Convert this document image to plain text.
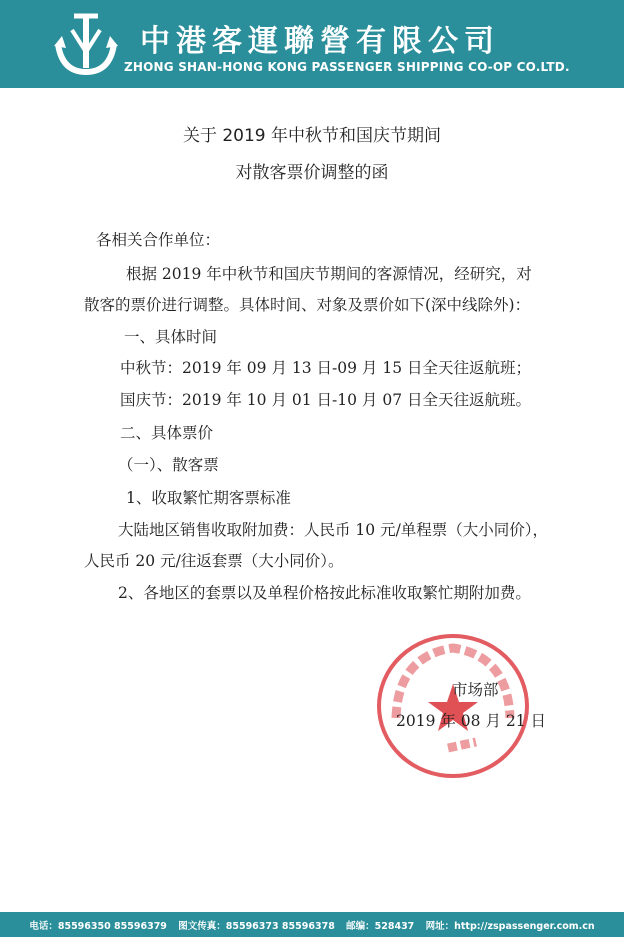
中港客運聯營有限公司
ZHONG SHAN-HONG KONG PASSENGER SHIPPING CO-OP CO.LTD.
关于 2019 年中秋节和国庆节期间
对散客票价调整的函
各相关合作单位：
根据 2019 年中秋节和国庆节期间的客源情况，经研究，对
散客的票价进行调整。具体时间、对象及票价如下(深中线除外)：
一、具体时间
中秋节：2019 年 09 月 13 日-09 月 15 日全天往返航班；
国庆节：2019 年 10 月 01 日-10 月 07 日全天往返航班。
二、具体票价
（一）、散客票
1、收取繁忙期客票标准
大陆地区销售收取附加费：人民币 10 元/单程票（大小同价），
人民币 20 元/往返套票（大小同价）。
2、各地区的套票以及单程价格按此标准收取繁忙期附加费。
市场部
2019 年 08 月 21 日
电话：85596350 85596379 图文传真：85596373 85596378 邮编：528437 网址：http://zspassenger.com.cn
